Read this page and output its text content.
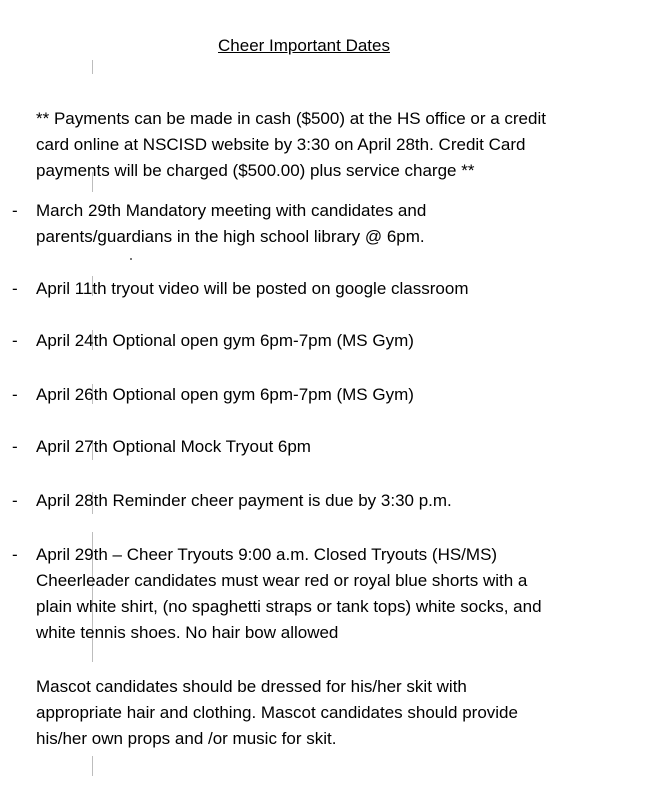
Cheer Important Dates
** Payments can be made in cash ($500) at the HS office or a credit
card online at NSCISD website by 3:30 on April 28th. Credit Card
payments will be charged ($500.00) plus service charge **
- March 29th Mandatory meeting with candidates and
parents/guardians in the high school library @ 6pm.
- April 11th tryout video will be posted on google classroom
- April 24th Optional open gym 6pm-7pm (MS Gym)
- April 26th Optional open gym 6pm-7pm (MS Gym)
- April 27th Optional Mock Tryout 6pm
- April 28th Reminder cheer payment is due by 3:30 p.m.
- April 29th – Cheer Tryouts 9:00 a.m. Closed Tryouts (HS/MS)
Cheerleader candidates must wear red or royal blue shorts with a
plain white shirt, (no spaghetti straps or tank tops) white socks, and
white tennis shoes. No hair bow allowed
Mascot candidates should be dressed for his/her skit with
appropriate hair and clothing. Mascot candidates should provide
his/her own props and /or music for skit.
